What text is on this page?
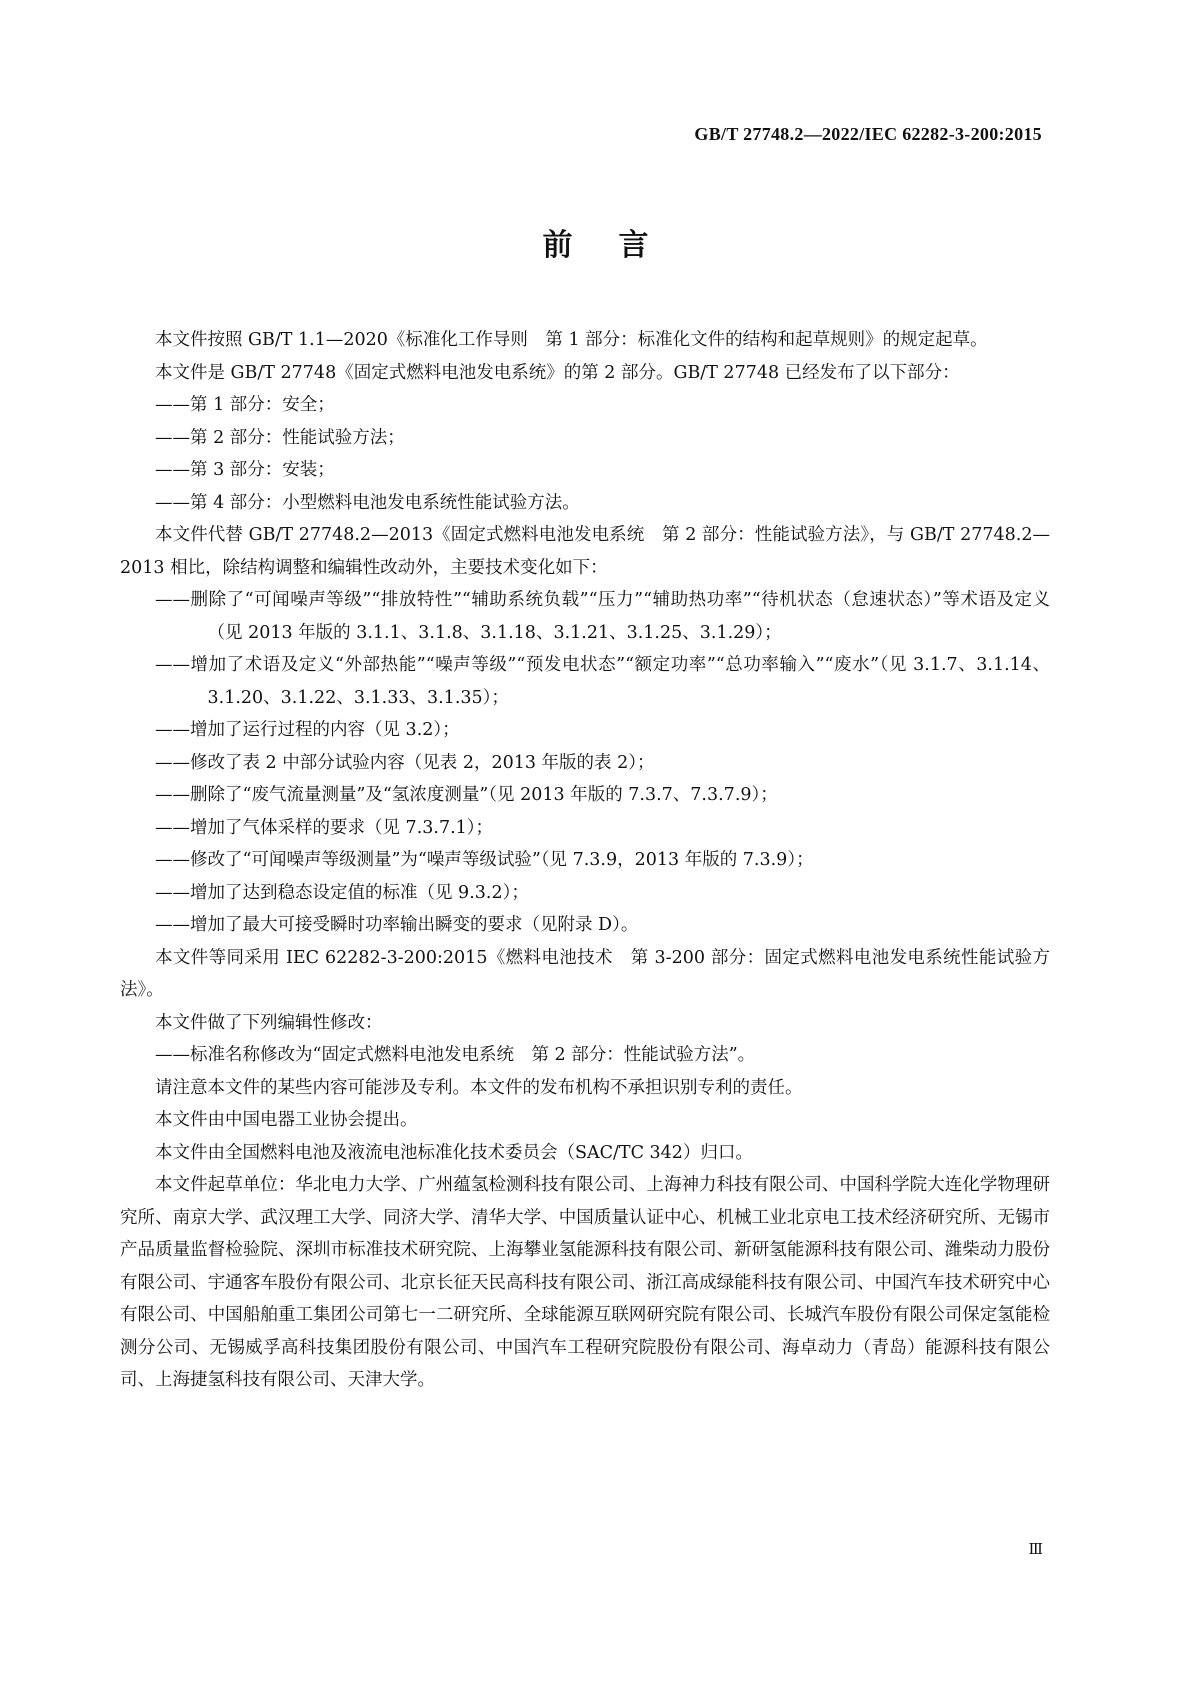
GB/T 27748.2—2022/IEC 62282-3-200:2015
前言

本文件按照 GB/T 1.1—2020《标准化工作导则　第 1 部分：标准化文件的结构和起草规则》的规定起草。

本文件是 GB/T 27748《固定式燃料电池发电系统》的第 2 部分。GB/T 27748 已经发布了以下部分：

——第 1 部分：安全；

——第 2 部分：性能试验方法；

——第 3 部分：安装；

——第 4 部分：小型燃料电池发电系统性能试验方法。

本文件代替 GB/T 27748.2—2013《固定式燃料电池发电系统　第 2 部分：性能试验方法》，与 GB/T 27748.2—2013 相比，除结构调整和编辑性改动外，主要技术变化如下：

——删除了“可闻噪声等级”“排放特性”“辅助系统负载”“压力”“辅助热功率”“待机状态（怠速状态）”等术语及定义（见 2013 年版的 3.1.1、3.1.8、3.1.18、3.1.21、3.1.25、3.1.29）；

——增加了术语及定义“外部热能”“噪声等级”“预发电状态”“额定功率”“总功率输入”“废水”（见 3.1.7、3.1.14、3.1.20、3.1.22、3.1.33、3.1.35）；

——增加了运行过程的内容（见 3.2）；

——修改了表 2 中部分试验内容（见表 2，2013 年版的表 2）；

——删除了“废气流量测量”及“氢浓度测量”（见 2013 年版的 7.3.7、7.3.7.9）；

——增加了气体采样的要求（见 7.3.7.1）；

——修改了“可闻噪声等级测量”为“噪声等级试验”（见 7.3.9，2013 年版的 7.3.9）；

——增加了达到稳态设定值的标准（见 9.3.2）；

——增加了最大可接受瞬时功率输出瞬变的要求（见附录 D）。

本文件等同采用 IEC 62282-3-200:2015《燃料电池技术　第 3-200 部分：固定式燃料电池发电系统性能试验方法》。

本文件做了下列编辑性修改：

——标准名称修改为“固定式燃料电池发电系统　第 2 部分：性能试验方法”。

请注意本文件的某些内容可能涉及专利。本文件的发布机构不承担识别专利的责任。

本文件由中国电器工业协会提出。

本文件由全国燃料电池及液流电池标准化技术委员会（SAC/TC 342）归口。

本文件起草单位：华北电力大学、广州蕴氢检测科技有限公司、上海神力科技有限公司、中国科学院大连化学物理研究所、南京大学、武汉理工大学、同济大学、清华大学、中国质量认证中心、机械工业北京电工技术经济研究所、无锡市产品质量监督检验院、深圳市标准技术研究院、上海攀业氢能源科技有限公司、新研氢能源科技有限公司、潍柴动力股份有限公司、宇通客车股份有限公司、北京长征天民高科技有限公司、浙江高成绿能科技有限公司、中国汽车技术研究中心有限公司、中国船舶重工集团公司第七一二研究所、全球能源互联网研究院有限公司、长城汽车股份有限公司保定氢能检测分公司、无锡威孚高科技集团股份有限公司、中国汽车工程研究院股份有限公司、海卓动力（青岛）能源科技有限公司、上海捷氢科技有限公司、天津大学。

Ⅲ
